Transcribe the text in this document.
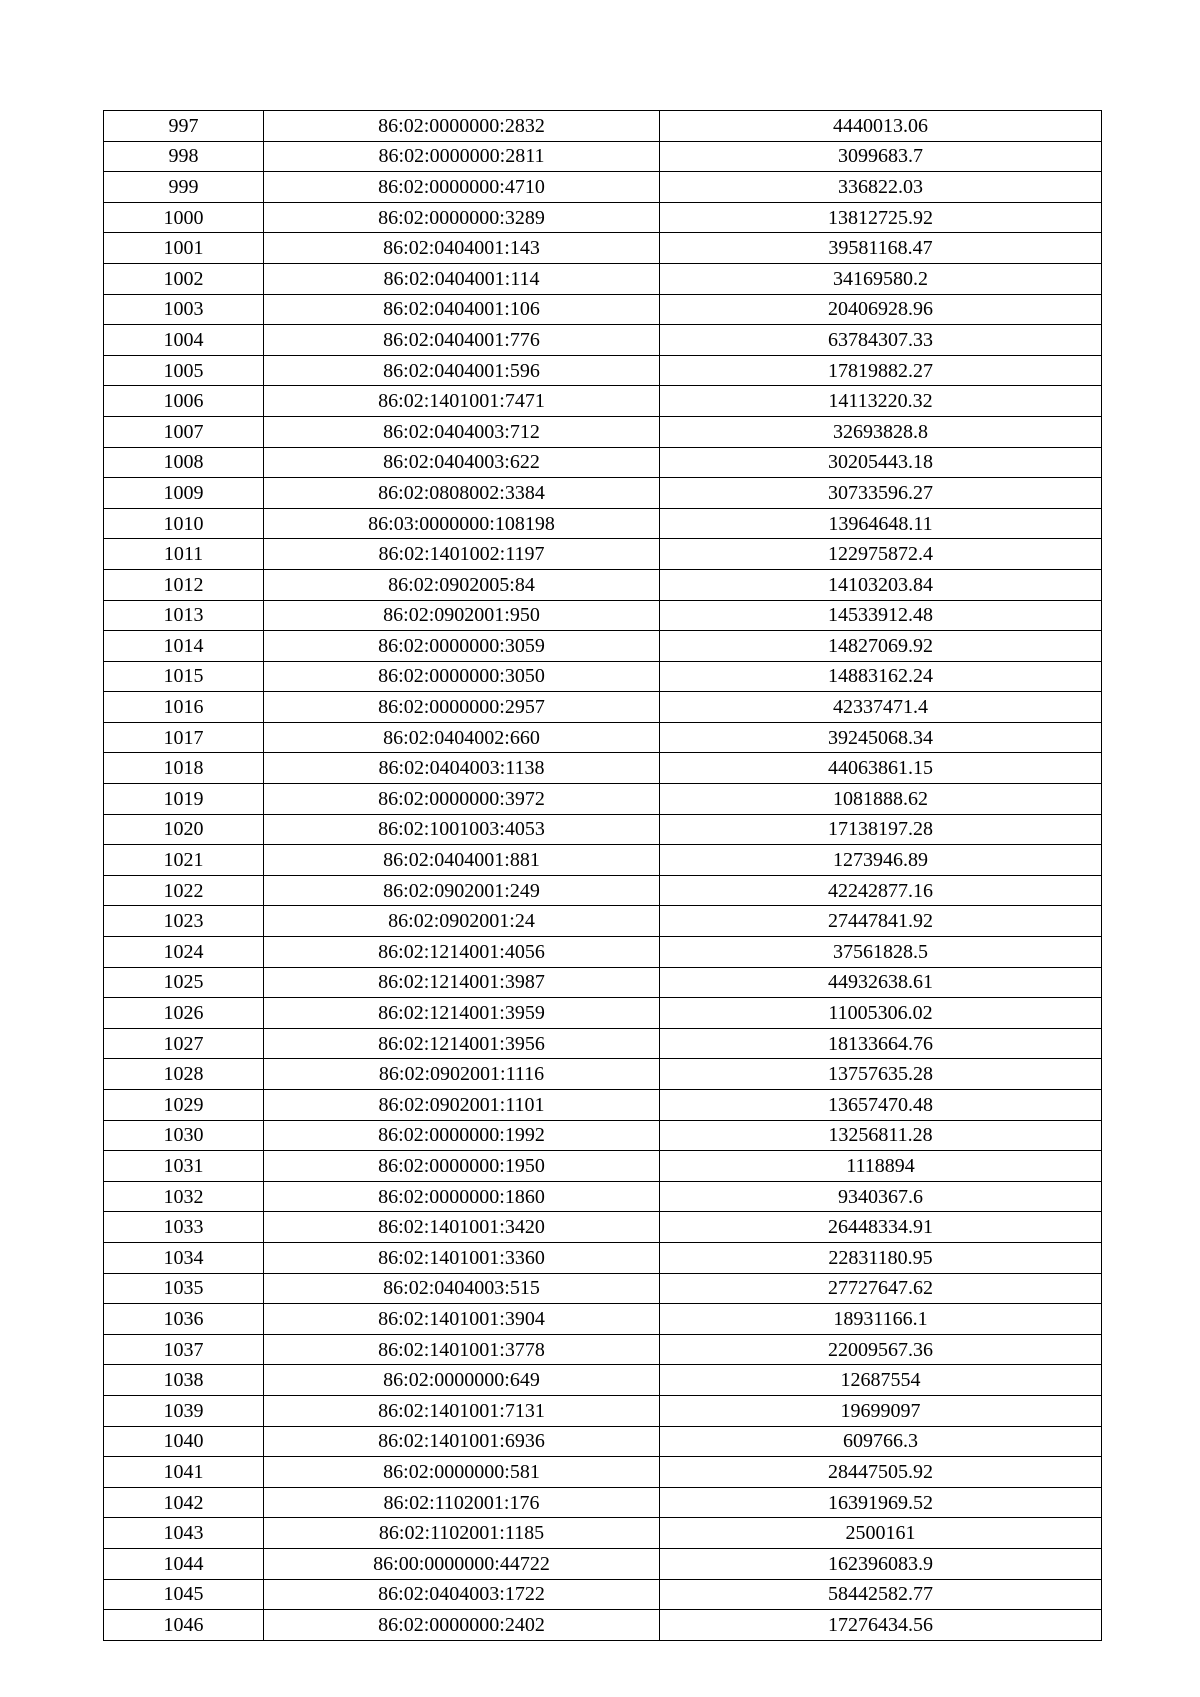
997	86:02:0000000:2832	4440013.06
998	86:02:0000000:2811	3099683.7
999	86:02:0000000:4710	336822.03
1000	86:02:0000000:3289	13812725.92
1001	86:02:0404001:143	39581168.47
1002	86:02:0404001:114	34169580.2
1003	86:02:0404001:106	20406928.96
1004	86:02:0404001:776	63784307.33
1005	86:02:0404001:596	17819882.27
1006	86:02:1401001:7471	14113220.32
1007	86:02:0404003:712	32693828.8
1008	86:02:0404003:622	30205443.18
1009	86:02:0808002:3384	30733596.27
1010	86:03:0000000:108198	13964648.11
1011	86:02:1401002:1197	122975872.4
1012	86:02:0902005:84	14103203.84
1013	86:02:0902001:950	14533912.48
1014	86:02:0000000:3059	14827069.92
1015	86:02:0000000:3050	14883162.24
1016	86:02:0000000:2957	42337471.4
1017	86:02:0404002:660	39245068.34
1018	86:02:0404003:1138	44063861.15
1019	86:02:0000000:3972	1081888.62
1020	86:02:1001003:4053	17138197.28
1021	86:02:0404001:881	1273946.89
1022	86:02:0902001:249	42242877.16
1023	86:02:0902001:24	27447841.92
1024	86:02:1214001:4056	37561828.5
1025	86:02:1214001:3987	44932638.61
1026	86:02:1214001:3959	11005306.02
1027	86:02:1214001:3956	18133664.76
1028	86:02:0902001:1116	13757635.28
1029	86:02:0902001:1101	13657470.48
1030	86:02:0000000:1992	13256811.28
1031	86:02:0000000:1950	1118894
1032	86:02:0000000:1860	9340367.6
1033	86:02:1401001:3420	26448334.91
1034	86:02:1401001:3360	22831180.95
1035	86:02:0404003:515	27727647.62
1036	86:02:1401001:3904	18931166.1
1037	86:02:1401001:3778	22009567.36
1038	86:02:0000000:649	12687554
1039	86:02:1401001:7131	19699097
1040	86:02:1401001:6936	609766.3
1041	86:02:0000000:581	28447505.92
1042	86:02:1102001:176	16391969.52
1043	86:02:1102001:1185	2500161
1044	86:00:0000000:44722	162396083.9
1045	86:02:0404003:1722	58442582.77
1046	86:02:0000000:2402	17276434.56
